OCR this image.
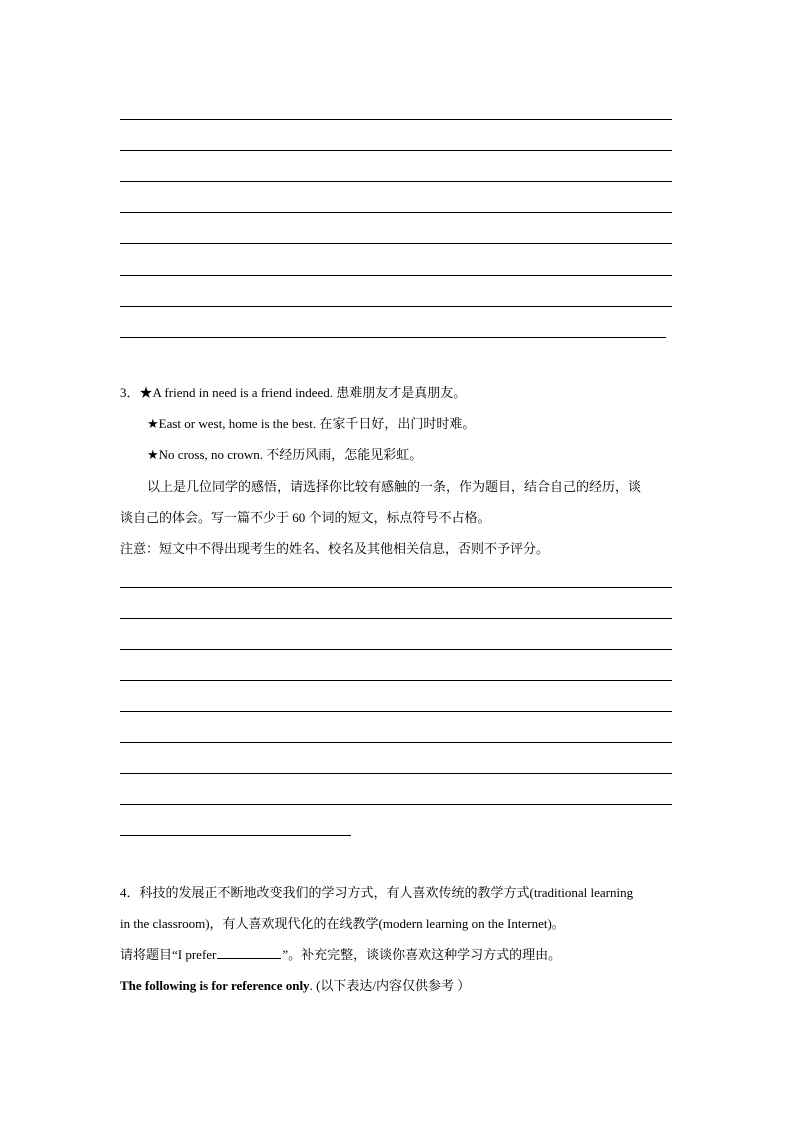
3．★A friend in need is a friend indeed. 患难朋友才是真朋友。
★East or west, home is the best. 在家千日好，出门时时难。
★No cross, no crown. 不经历风雨，怎能见彩虹。
以上是几位同学的感悟，请选择你比较有感触的一条，作为题目，结合自己的经历，谈
谈自己的体会。写一篇不少于 60 个词的短文，标点符号不占格。
注意：短文中不得出现考生的姓名、校名及其他相关信息，否则不予评分。
4．科技的发展正不断地改变我们的学习方式，有人喜欢传统的教学方式(traditional learning
in the classroom)，有人喜欢现代化的在线教学(modern learning on the Internet)。
请将题目“I prefer	”。补充完整，谈谈你喜欢这种学习方式的理由。
The following is for reference only. (以下表达/内容仅供参考 ）
